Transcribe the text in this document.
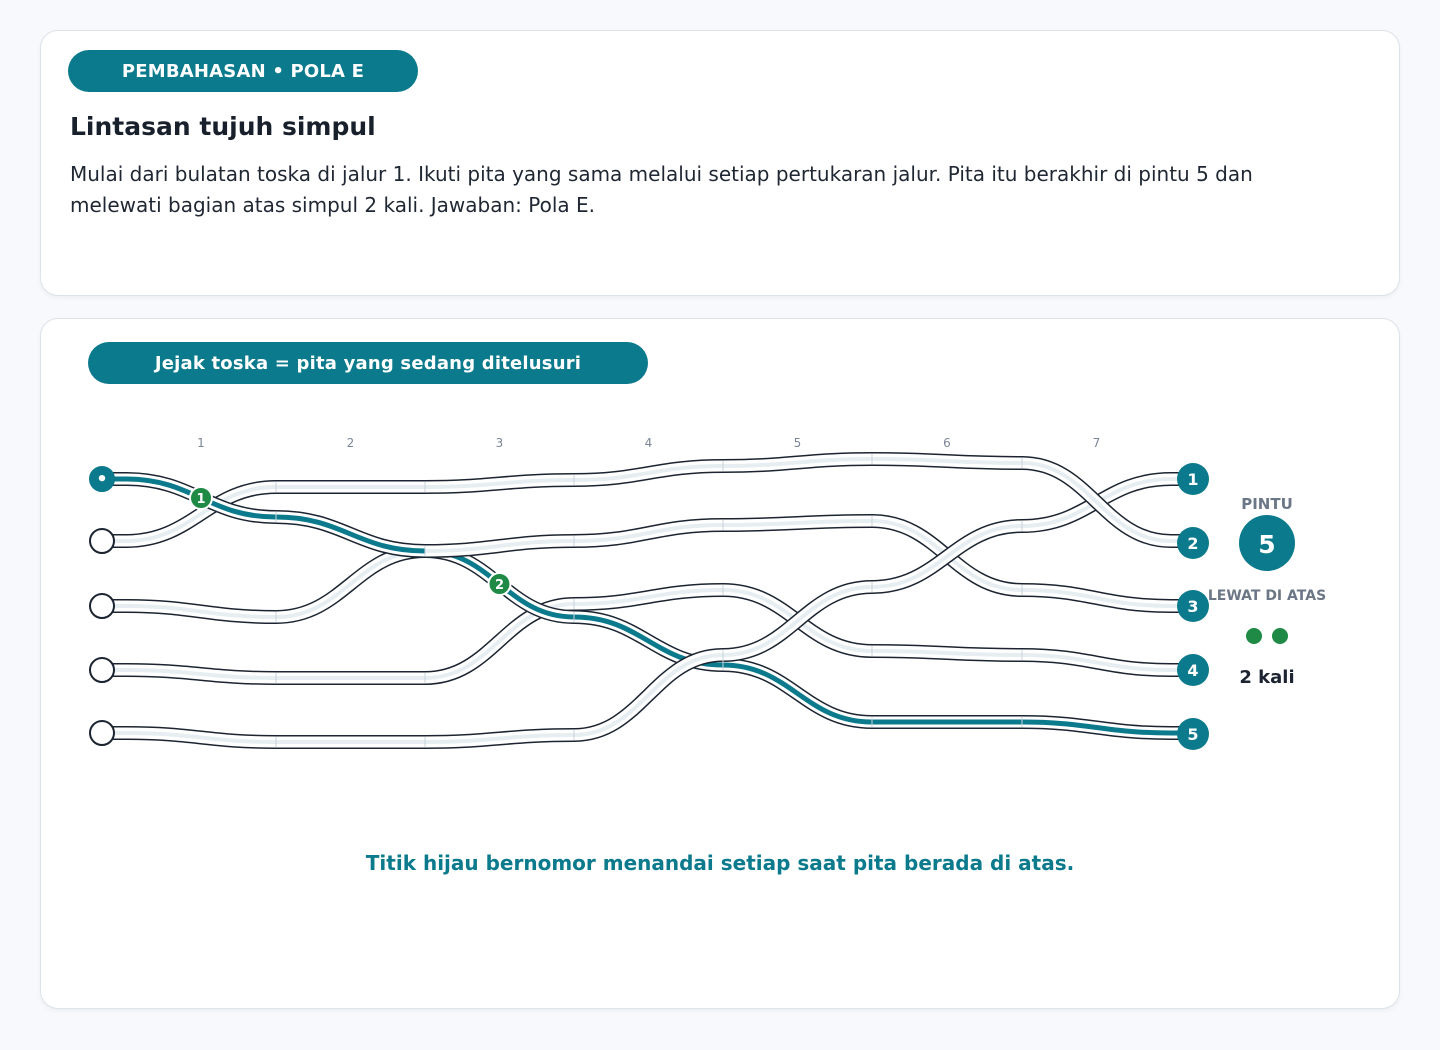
PEMBAHASAN • POLA E
Lintasan tujuh simpul
Mulai dari bulatan toska di jalur 1. Ikuti pita yang sama melalui setiap pertukaran jalur. Pita itu berakhir di pintu 5 dan melewati bagian atas simpul 2 kali. Jawaban: Pola E.
Jejak toska = pita yang sedang ditelusuri
1	2	3	4	5	6	7
1
2
•	1
2
3
4
5
PINTU
5
LEWAT DI ATAS
2 kali
Titik hijau bernomor menandai setiap saat pita berada di atas.
